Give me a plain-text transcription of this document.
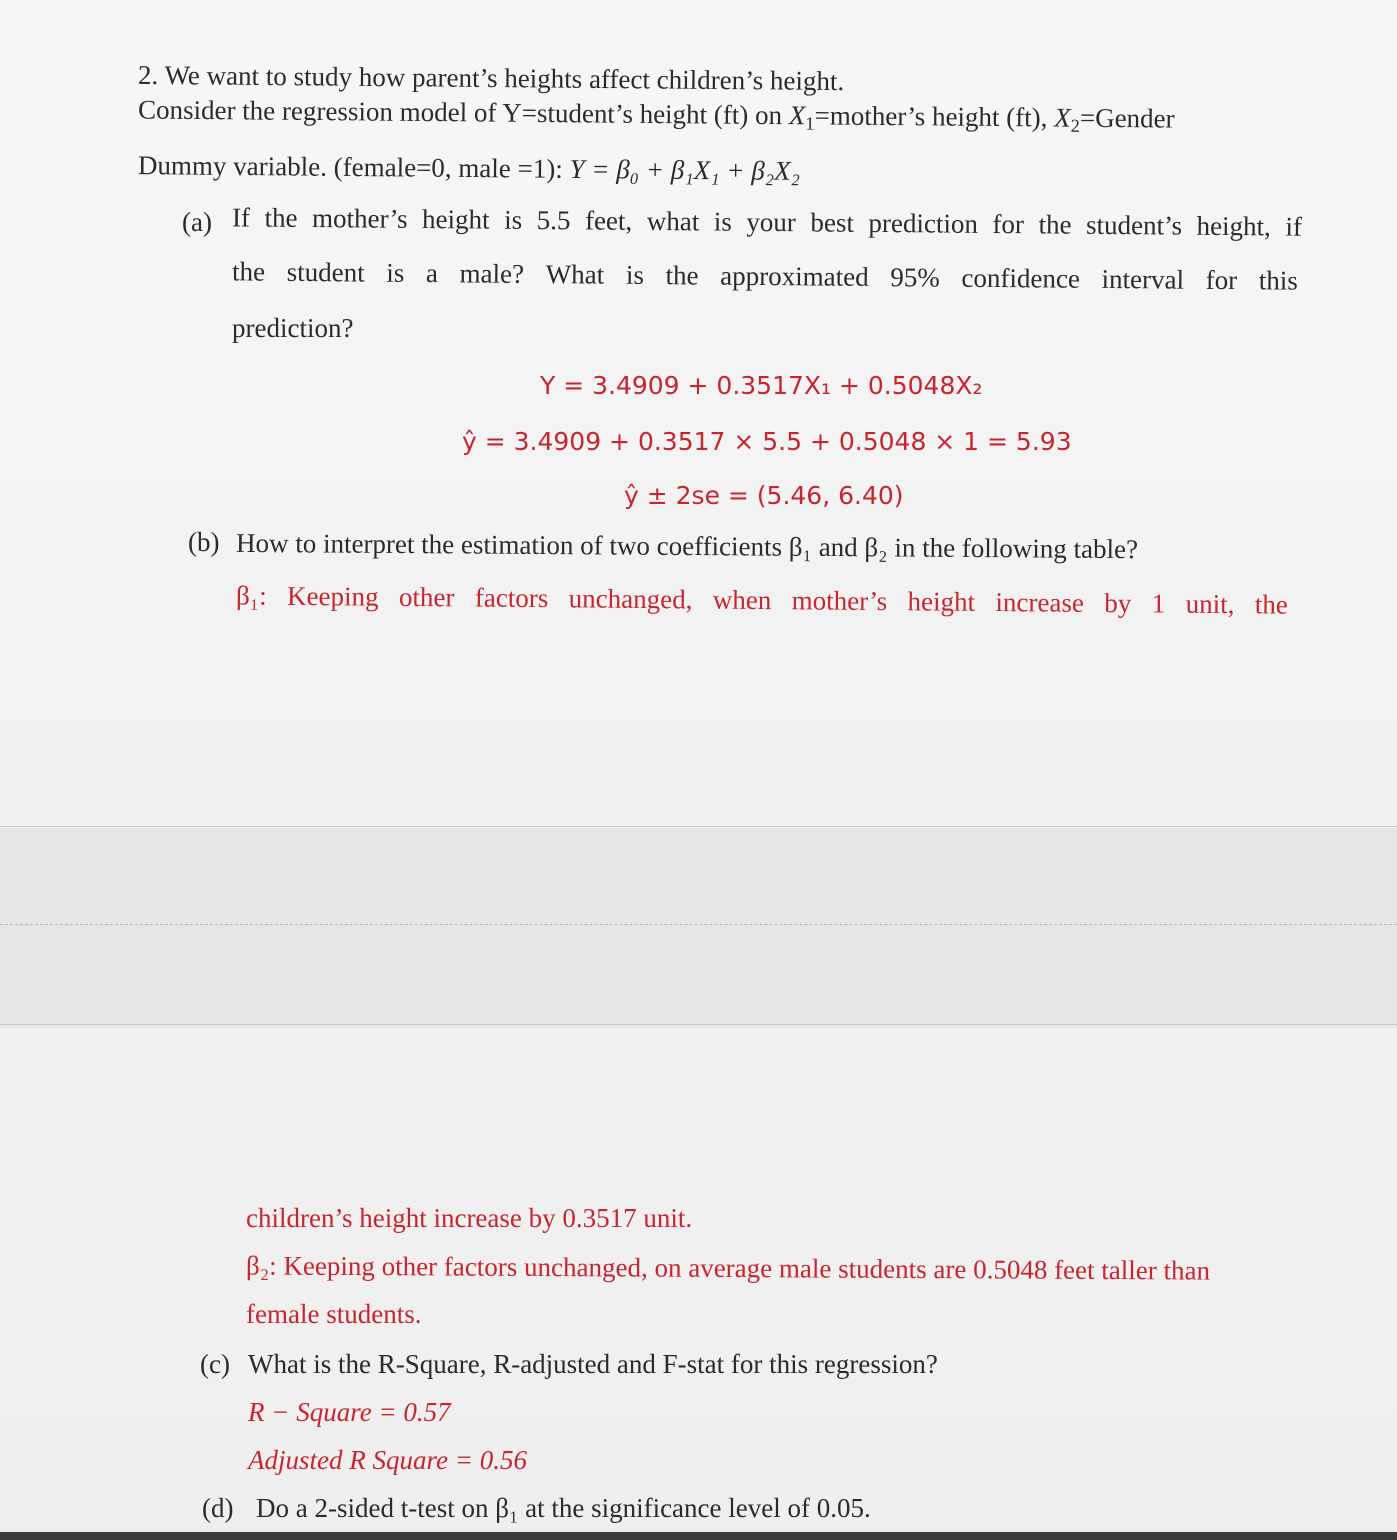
2. We want to study how parent’s heights affect children’s height.
Consider the regression model of Y=student’s height (ft) on $X_1=mother’s$ height (ft), $X_2=Gender$
Dummy variable. (female=0, male =1): Y = β₀ + β₁X₁ + β₂X₂
(a) If the mother’s height is 5.5 feet, what is your best prediction for the student’s height, if
the student is a male? What is the approximated 95% confidence interval for this
prediction?
Y = 3.4909 + 0.3517X₁ + 0.5048X₂
ŷ = 3.4909 + 0.3517 × 5.5 + 0.5048 × 1 = 5.93
ŷ ± 2se = (5.46, 6.40)
(b) How to interpret the estimation of two coefficients β₁ and β₂ in the following table?
β₁: Keeping other factors unchanged, when mother’s height increase by 1 unit, the
children’s height increase by 0.3517 unit.
β₂: Keeping other factors unchanged, on average male students are 0.5048 feet taller than
female students.
(c) What is the R-Square, R-adjusted and F-stat for this regression?
R − Square = 0.57
Adjusted R Square = 0.56
(d) Do a 2-sided t-test on β₁ at the significance level of 0.05.
